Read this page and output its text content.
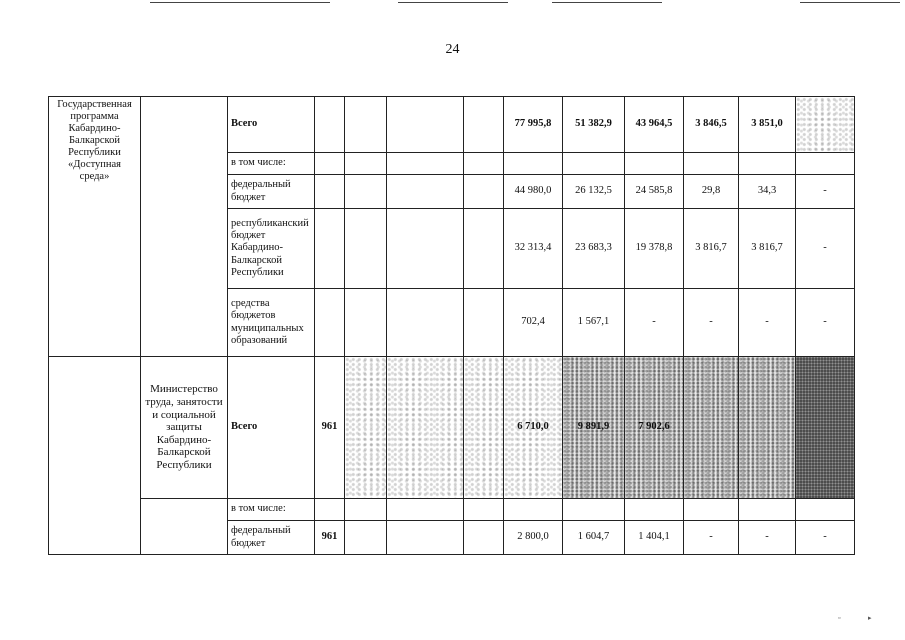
24
Государственная программа Кабардино-Балкарской Республики «Доступная среда»		Всего					77 995,8	51 382,9	43 964,5	3 846,5	3 851,0	
		в том числе:										
		федеральный бюджет					44 980,0	26 132,5	24 585,8	29,8	34,3	-
		республиканский бюджет Кабардино-Балкарской Республики					32 313,4	23 683,3	19 378,8	3 816,7	3 816,7	-
		средства бюджетов муниципальных образований					702,4	1 567,1	-	-	-	-
	Министерство труда, занятости и социальной защиты Кабардино-Балкарской Республики	Всего	961				6 710,0	9 891,9	7 902,6			
		в том числе:										
		федеральный бюджет	961				2 800,0	1 604,7	1 404,1	-	-	-
▫	▸
